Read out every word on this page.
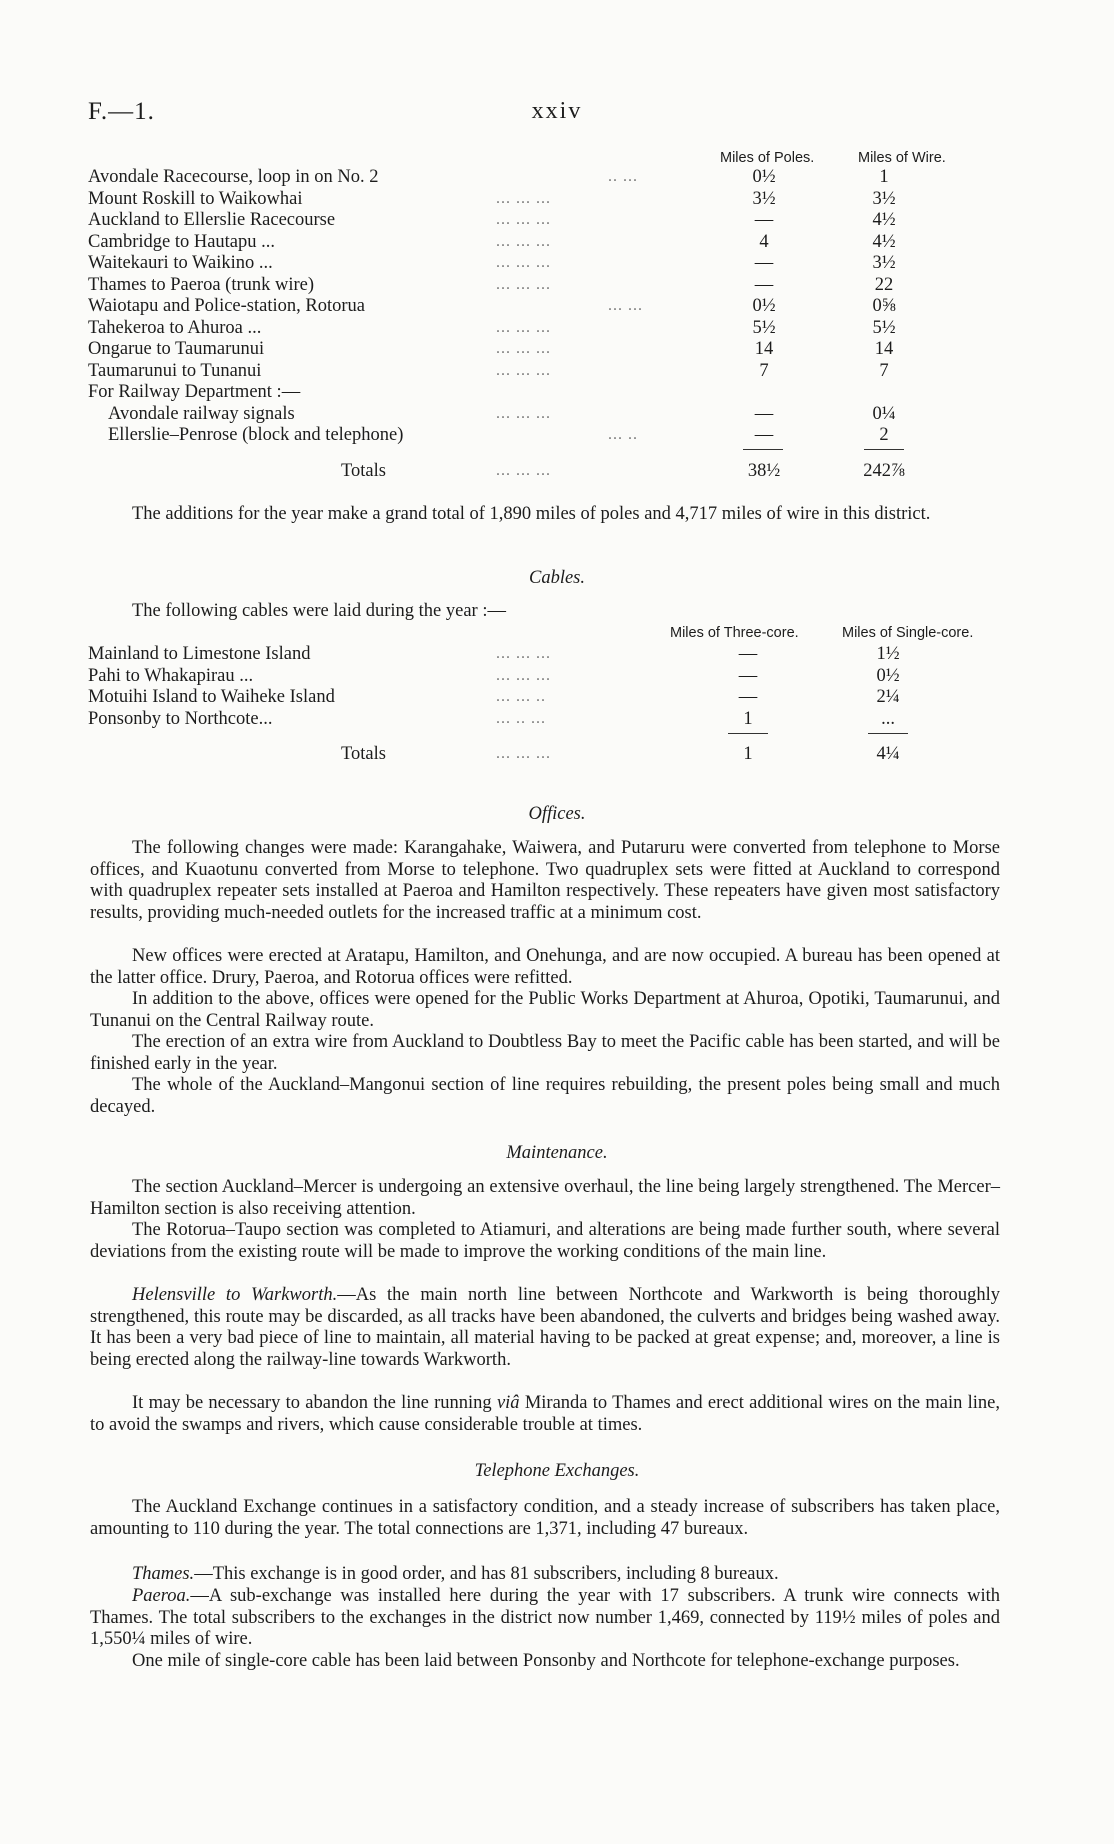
F.—1.	xxiv
Miles of Poles.	Miles of Wire.
Avondale Racecourse, loop in on No. 2	.. ...	0½	1
Mount Roskill to Waikowhai	... ... ...	3½	3½
Auckland to Ellerslie Racecourse	... ... ...	—	4½
Cambridge to Hautapu ...	... ... ...	4	4½
Waitekauri to Waikino ...	... ... ...	—	3½
Thames to Paeroa (trunk wire)	... ... ...	—	22
Waiotapu and Police-station, Rotorua	... ...	0½	0⅝
Tahekeroa to Ahuroa ...	... ... ...	5½	5½
Ongarue to Taumarunui	... ... ...	14	14
Taumarunui to Tunanui	... ... ...	7	7
For Railway Department :—
Avondale railway signals	... ... ...	—	0¼
Ellerslie–Penrose (block and telephone)	... ..	—	2
Totals	... ... ...	38½	242⅞

The additions for the year make a grand total of 1,890 miles of poles and 4,717 miles of wire in this district.

Cables.
The following cables were laid during the year :—
Miles of Three-core.	Miles of Single-core.
Mainland to Limestone Island	... ... ...	—	1½
Pahi to Whakapirau ...	... ... ...	—	0½
Motuihi Island to Waiheke Island	... ... ..	—	2¼
Ponsonby to Northcote...	... .. ...	1	...
Totals	... ... ...	1	4¼
Offices.

The following changes were made: Karangahake, Waiwera, and Putaruru were converted from telephone to Morse offices, and Kuaotunu converted from Morse to telephone. Two quadruplex sets were fitted at Auckland to correspond with quadruplex repeater sets installed at Paeroa and Hamilton respectively. These repeaters have given most satisfactory results, providing much-needed outlets for the increased traffic at a minimum cost.

New offices were erected at Aratapu, Hamilton, and Onehunga, and are now occupied. A bureau has been opened at the latter office. Drury, Paeroa, and Rotorua offices were refitted.

In addition to the above, offices were opened for the Public Works Department at Ahuroa, Opotiki, Taumarunui, and Tunanui on the Central Railway route.

The erection of an extra wire from Auckland to Doubtless Bay to meet the Pacific cable has been started, and will be finished early in the year.

The whole of the Auckland–Mangonui section of line requires rebuilding, the present poles being small and much decayed.

Maintenance.

The section Auckland–Mercer is undergoing an extensive overhaul, the line being largely strengthened. The Mercer–Hamilton section is also receiving attention.

The Rotorua–Taupo section was completed to Atiamuri, and alterations are being made further south, where several deviations from the existing route will be made to improve the working conditions of the main line.

Helensville to Warkworth.—As the main north line between Northcote and Warkworth is being thoroughly strengthened, this route may be discarded, as all tracks have been abandoned, the culverts and bridges being washed away. It has been a very bad piece of line to maintain, all material having to be packed at great expense; and, moreover, a line is being erected along the railway-line towards Warkworth.

It may be necessary to abandon the line running viâ Miranda to Thames and erect additional wires on the main line, to avoid the swamps and rivers, which cause considerable trouble at times.

Telephone Exchanges.

The Auckland Exchange continues in a satisfactory condition, and a steady increase of subscribers has taken place, amounting to 110 during the year. The total connections are 1,371, including 47 bureaux.

Thames.—This exchange is in good order, and has 81 subscribers, including 8 bureaux.

Paeroa.—A sub-exchange was installed here during the year with 17 subscribers. A trunk wire connects with Thames. The total subscribers to the exchanges in the district now number 1,469, connected by 119½ miles of poles and 1,550¼ miles of wire.

One mile of single-core cable has been laid between Ponsonby and Northcote for telephone-exchange purposes.
